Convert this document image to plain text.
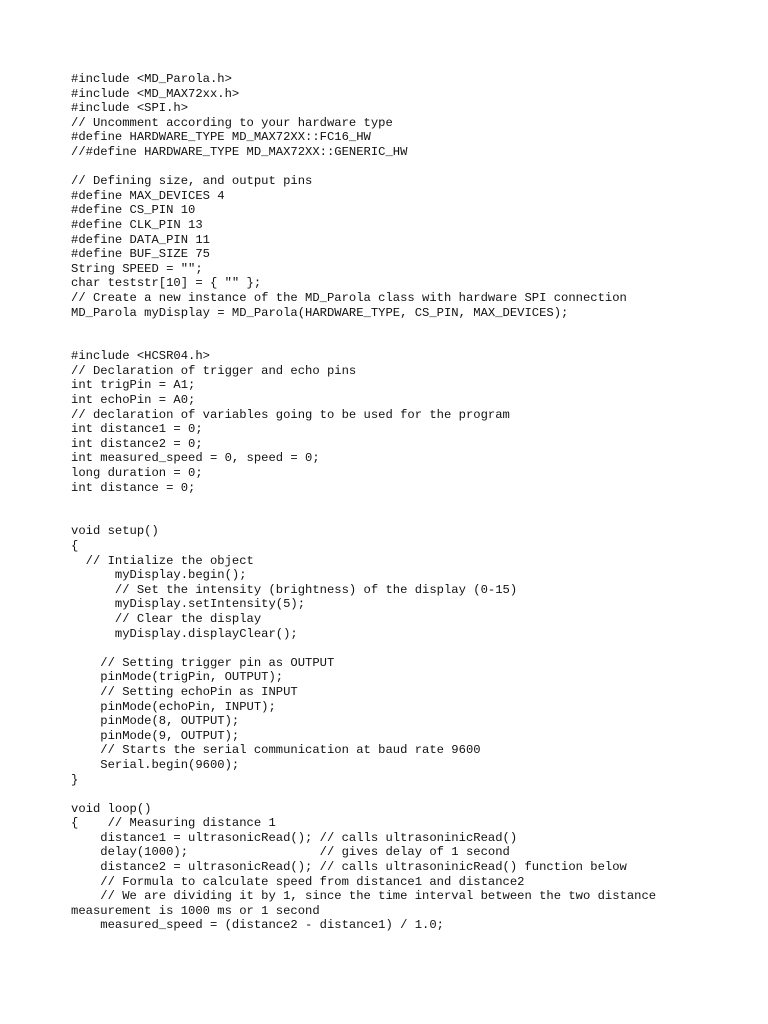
#include <MD_Parola.h>
#include <MD_MAX72xx.h>
#include <SPI.h>
// Uncomment according to your hardware type
#define HARDWARE_TYPE MD_MAX72XX::FC16_HW
//#define HARDWARE_TYPE MD_MAX72XX::GENERIC_HW
// Defining size, and output pins
#define MAX_DEVICES 4
#define CS_PIN 10
#define CLK_PIN 13
#define DATA_PIN 11
#define BUF_SIZE 75
String SPEED = "";
char teststr[10] = { "" };
// Create a new instance of the MD_Parola class with hardware SPI connection
MD_Parola myDisplay = MD_Parola(HARDWARE_TYPE, CS_PIN, MAX_DEVICES);
#include <HCSR04.h>
// Declaration of trigger and echo pins
int trigPin = A1;
int echoPin = A0;
// declaration of variables going to be used for the program
int distance1 = 0;
int distance2 = 0;
int measured_speed = 0, speed = 0;
long duration = 0;
int distance = 0;
void setup()
{
// Intialize the object
myDisplay.begin();
// Set the intensity (brightness) of the display (0-15)
myDisplay.setIntensity(5);
// Clear the display
myDisplay.displayClear();
// Setting trigger pin as OUTPUT
pinMode(trigPin, OUTPUT);
// Setting echoPin as INPUT
pinMode(echoPin, INPUT);
pinMode(8, OUTPUT);
pinMode(9, OUTPUT);
// Starts the serial communication at baud rate 9600
Serial.begin(9600);
}
void loop()
{    // Measuring distance 1
distance1 = ultrasonicRead(); // calls ultrasoninicRead()
delay(1000);                  // gives delay of 1 second
distance2 = ultrasonicRead(); // calls ultrasoninicRead() function below
// Formula to calculate speed from distance1 and distance2
// We are dividing it by 1, since the time interval between the two distance
measurement is 1000 ms or 1 second
measured_speed = (distance2 - distance1) / 1.0;
